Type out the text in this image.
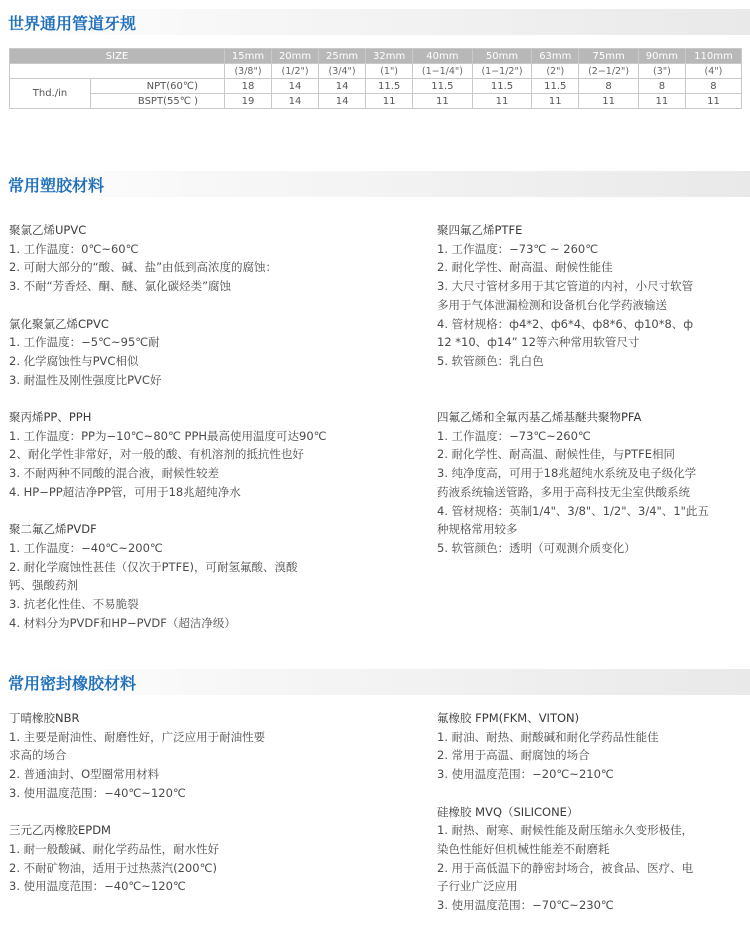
世界通用管道牙规
SIZE		15mm	20mm	25mm	32mm	40mm	50mm	63mm	75mm	90mm	110mm
		(3/8")	(1/2")	(3/4")	(1")	(1−1/4")	(1−1/2")	(2")	(2−1/2")	(3")	(4")
Thd./in	NPT(60℃)	18	14	14	11.5	11.5	11.5	11.5	8	8	8
	BSPT(55℃ )	19	14	14	11	11	11	11	11	11	11
常用塑胶材料
聚氯乙烯UPVC
1. 工作温度：0℃~60℃
2. 可耐大部分的“酸、碱、盐”由低到高浓度的腐蚀：
3. 不耐“芳香烃、酮、醚、氯化碳烃类”腐蚀
氯化聚氯乙烯CPVC
1. 工作温度：−5℃~95℃耐
2. 化学腐蚀性与PVC相似
3. 耐温性及刚性强度比PVC好
聚丙烯PP、PPH
1. 工作温度：PP为−10℃~80℃ PPH最高使用温度可达90℃
2、耐化学性非常好，对一般的酸、有机溶剂的抵抗性也好
3. 不耐两种不同酸的混合液，耐候性较差
4. HP−PP超洁净PP管，可用于18兆超纯净水
聚二氟乙烯PVDF
1. 工作温度：−40℃~200℃
2. 耐化学腐蚀性甚佳（仅次于PTFE)，可耐氢氟酸、溴酸
钙、强酸药剂
3. 抗老化性佳、不易脆裂
4. 材料分为PVDF和HP−PVDF（超洁净级）
聚四氟乙烯PTFE
1. 工作温度：−73℃ ~ 260℃
2. 耐化学性、耐高温、耐候性能佳
3. 大尺寸管材多用于其它管道的内衬，小尺寸软管
多用于气体泄漏检测和设备机台化学药液输送
4. 管材规格：ф4*2、ф6*4、ф8*6、ф10*8、ф
12 *10、ф14” 12等六种常用软管尺寸
5. 软管颜色：乳白色
四氟乙烯和全氟丙基乙烯基醚共聚物PFA
1. 工作温度：−73℃~260℃
2. 耐化学性、耐高温、耐候性佳，与PTFE相同
3. 纯净度高，可用于18兆超纯水系统及电子级化学
药液系统输送管路，多用于高科技无尘室供酸系统
4. 管材规格：英制1/4"、3/8"、1/2"、3/4"、1"此五
种规格常用较多
5. 软管颜色：透明（可观测介质变化）
常用密封橡胶材料
丁晴橡胶NBR
1. 主要是耐油性、耐磨性好，广泛应用于耐油性要
求高的场合
2. 普通油封、O型圈常用材料
3. 使用温度范围：−40℃~120℃
三元乙丙橡胶EPDM
1. 耐一般酸碱、耐化学药品性，耐水性好
2. 不耐矿物油，适用于过热蒸汽(200℃)
3. 使用温度范围：−40℃~120℃
氟橡胶 FPM(FKM、VITON)
1. 耐油、耐热、耐酸碱和耐化学药品性能佳
2. 常用于高温、耐腐蚀的场合
3. 使用温度范围：−20℃~210℃
硅橡胶 MVQ（SILICONE）
1. 耐热、耐寒、耐候性能及耐压缩永久变形极佳，
染色性能好但机械性能差不耐磨耗
2. 用于高低温下的静密封场合，被食品、医疗、电
子行业广泛应用
3. 使用温度范围：−70℃~230℃
